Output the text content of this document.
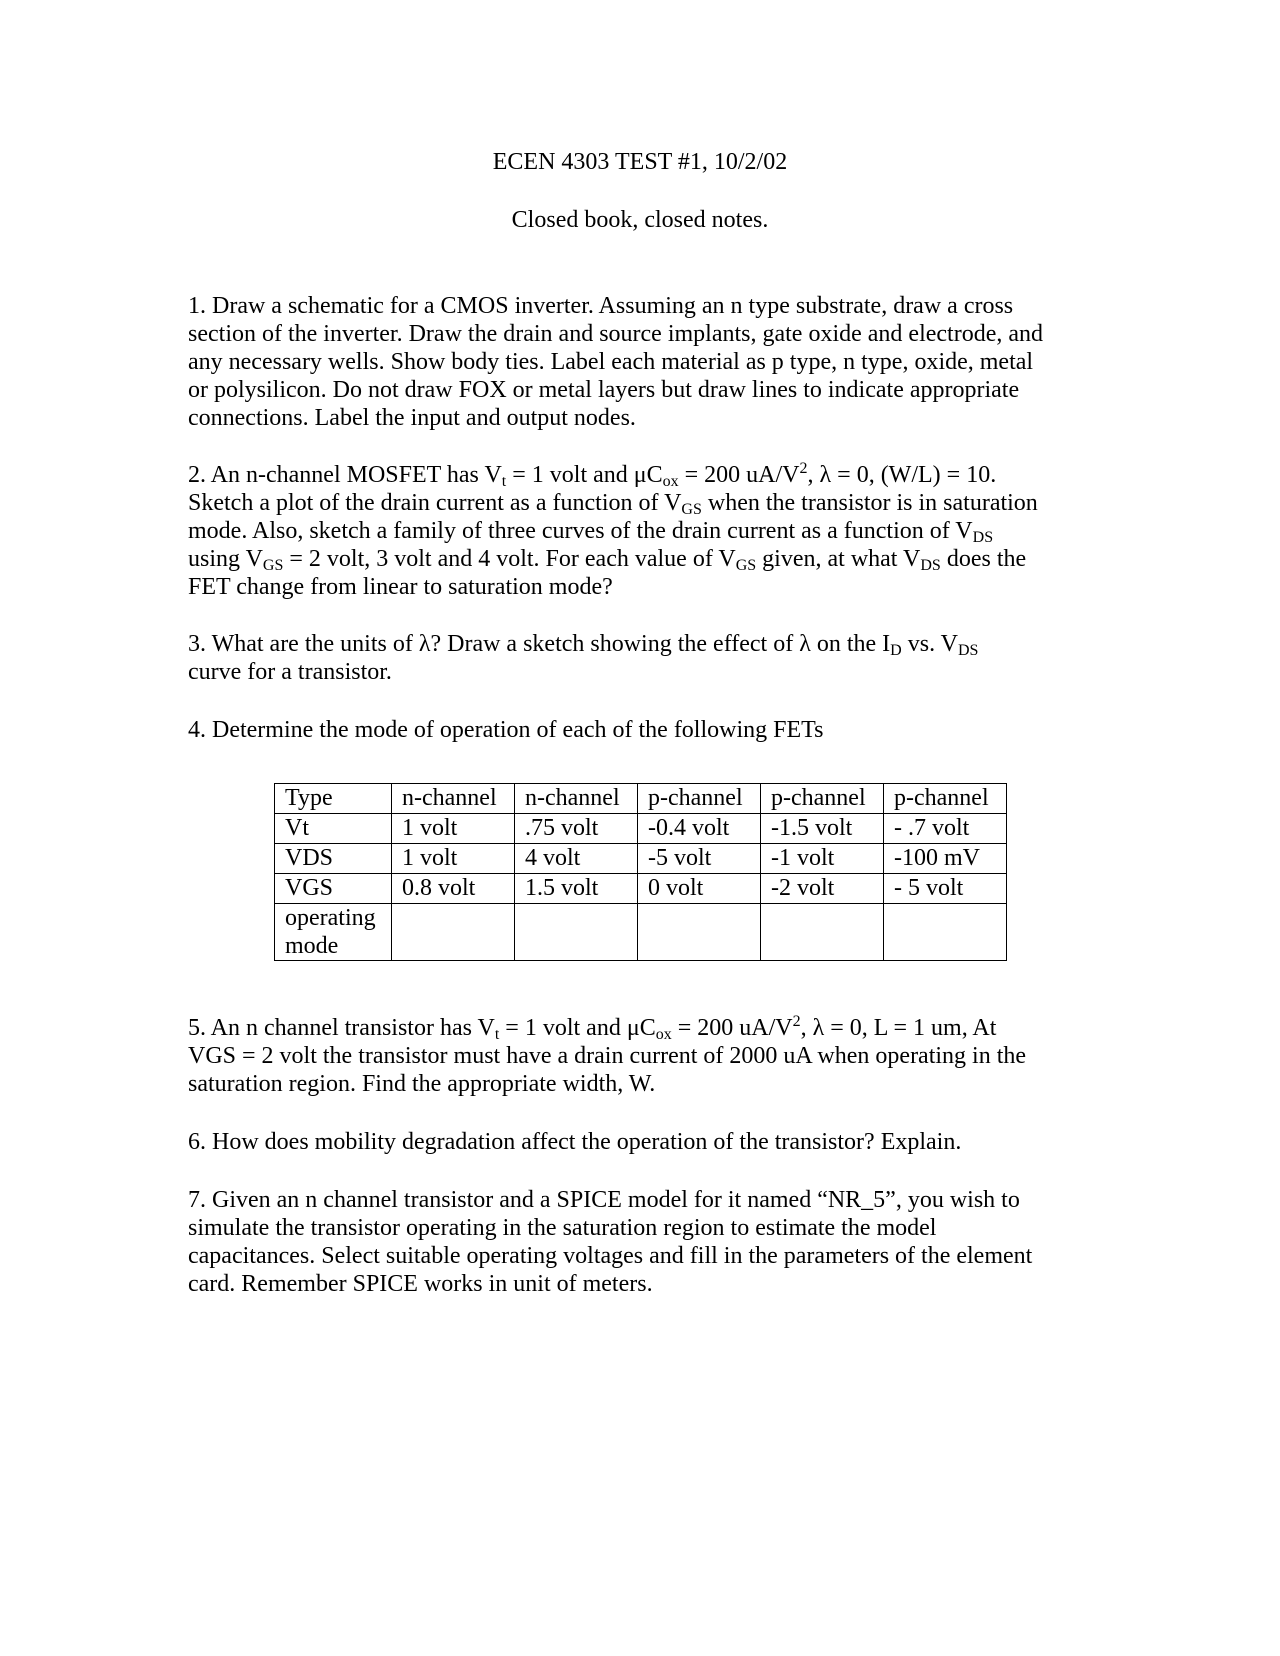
ECEN 4303 TEST #1, 10/2/02
Closed book, closed notes.
1. Draw a schematic for a CMOS inverter. Assuming an n type substrate, draw a cross
section of the inverter. Draw the drain and source implants, gate oxide and electrode, and
any necessary wells. Show body ties. Label each material as p type, n type, oxide, metal
or polysilicon. Do not draw FOX or metal layers but draw lines to indicate appropriate
connections. Label the input and output nodes.
2. An n-channel MOSFET has $V_t = 1$ volt and $\mu C_{ox} = 200$ $uA/V^2$, λ = 0, (W/L) = 10.
Sketch a plot of the drain current as a function of $V_{GS}$ when the transistor is in saturation
mode. Also, sketch a family of three curves of the drain current as a function of $V_{DS}$
using $V_{GS} = 2$ volt, 3 volt and 4 volt. For each value of $V_{GS}$ given, at what $V_{DS}$ does the
FET change from linear to saturation mode?
3. What are the units of λ? Draw a sketch showing the effect of λ on the $I_D$ vs. $V_{DS}$
curve for a transistor.
4. Determine the mode of operation of each of the following FETs
Type	n-channel	n-channel	p-channel	p-channel	p-channel
Vt	1 volt	.75 volt	-0.4 volt	-1.5 volt	- .7 volt
VDS	1 volt	4 volt	-5 volt	-1 volt	-100 mV
VGS	0.8 volt	1.5 volt	0 volt	-2 volt	- 5 volt
operating
mode					
5. An n channel transistor has $V_t = 1$ volt and $\mu C_{ox} = 200$ $uA/V^2$, λ = 0, L = 1 um, At
VGS = 2 volt the transistor must have a drain current of 2000 uA when operating in the
saturation region. Find the appropriate width, W.
6. How does mobility degradation affect the operation of the transistor? Explain.
7. Given an n channel transistor and a SPICE model for it named “NR_5”, you wish to
simulate the transistor operating in the saturation region to estimate the model
capacitances. Select suitable operating voltages and fill in the parameters of the element
card. Remember SPICE works in unit of meters.
